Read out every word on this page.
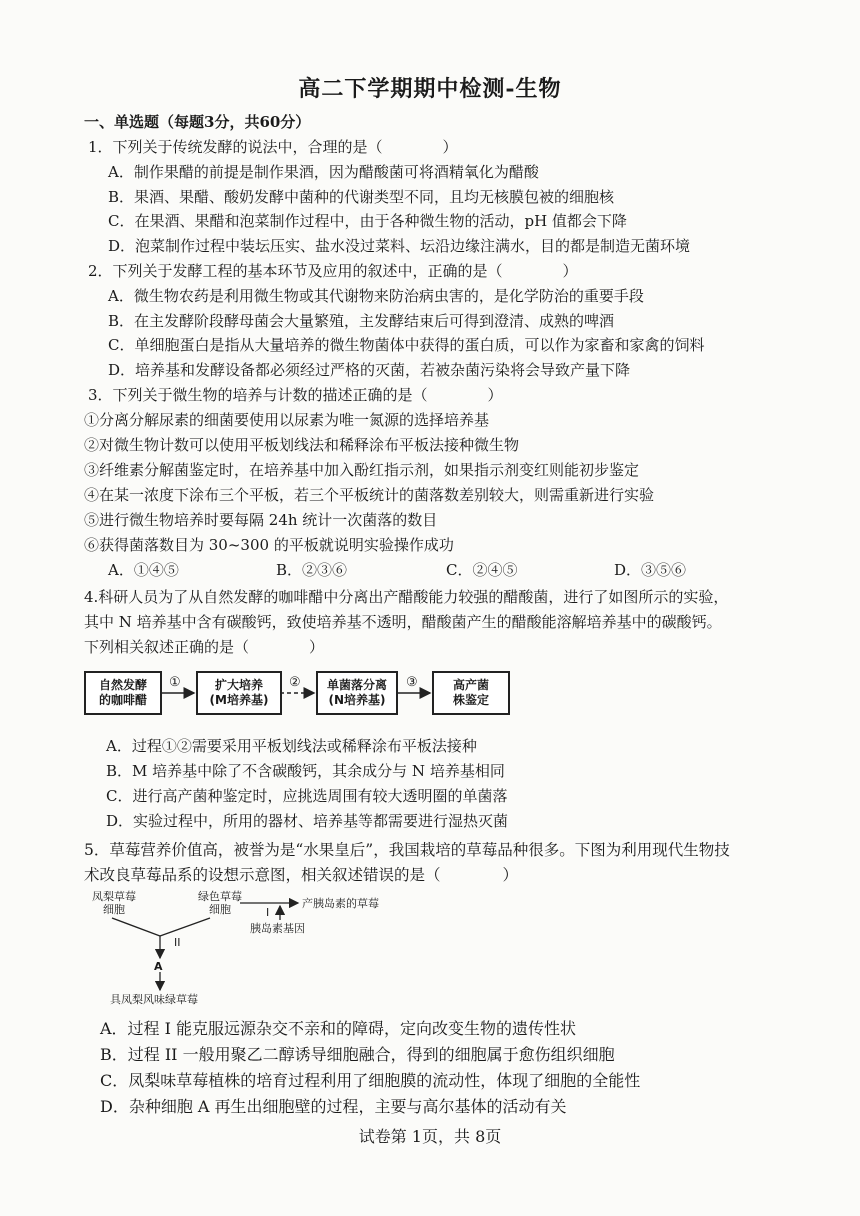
高二下学期期中检测-生物
一、单选题（每题3分，共60分）
1．下列关于传统发酵的说法中，合理的是（　　　　）
A．制作果醋的前提是制作果酒，因为醋酸菌可将酒精氧化为醋酸
B．果酒、果醋、酸奶发酵中菌种的代谢类型不同，且均无核膜包被的细胞核
C．在果酒、果醋和泡菜制作过程中，由于各种微生物的活动，pH 值都会下降
D．泡菜制作过程中装坛压实、盐水没过菜料、坛沿边缘注满水，目的都是制造无菌环境
2．下列关于发酵工程的基本环节及应用的叙述中，正确的是（　　　　）
A．微生物农药是利用微生物或其代谢物来防治病虫害的，是化学防治的重要手段
B．在主发酵阶段酵母菌会大量繁殖，主发酵结束后可得到澄清、成熟的啤酒
C．单细胞蛋白是指从大量培养的微生物菌体中获得的蛋白质，可以作为家畜和家禽的饲料
D．培养基和发酵设备都必须经过严格的灭菌，若被杂菌污染将会导致产量下降
3．下列关于微生物的培养与计数的描述正确的是（　　　　）
①分离分解尿素的细菌要使用以尿素为唯一氮源的选择培养基
②对微生物计数可以使用平板划线法和稀释涂布平板法接种微生物
③纤维素分解菌鉴定时，在培养基中加入酚红指示剂，如果指示剂变红则能初步鉴定
④在某一浓度下涂布三个平板，若三个平板统计的菌落数差别较大，则需重新进行实验
⑤进行微生物培养时要每隔 24h 统计一次菌落的数目
⑥获得菌落数目为 30~300 的平板就说明实验操作成功
A．①④⑤	B．②③⑥	C．②④⑤	D．③⑤⑥
4.科研人员为了从自然发酵的咖啡醋中分离出产醋酸能力较强的醋酸菌，进行了如图所示的实验，
其中 N 培养基中含有碳酸钙，致使培养基不透明，醋酸菌产生的醋酸能溶解培养基中的碳酸钙。
下列相关叙述正确的是（　　　　）
自然发酵
的咖啡醋
扩大培养
(M培养基)
单菌落分离
(N培养基)
高产菌
株鉴定
①	②	③
A．过程①②需要采用平板划线法或稀释涂布平板法接种
B．M 培养基中除了不含碳酸钙，其余成分与 N 培养基相同
C．进行高产菌种鉴定时，应挑选周围有较大透明圈的单菌落
D．实验过程中，所用的器材、培养基等都需要进行湿热灭菌
5．草莓营养价值高，被誉为是“水果皇后”，我国栽培的草莓品种很多。下图为利用现代生物技
术改良草莓品系的设想示意图，相关叙述错误的是（　　　　）
凤梨草莓
细胞
绿色草莓
细胞	产胰岛素的草莓
I
胰岛素基因
II
A
具凤梨风味绿草莓
A．过程 I 能克服远源杂交不亲和的障碍，定向改变生物的遗传性状
B．过程 II 一般用聚乙二醇诱导细胞融合，得到的细胞属于愈伤组织细胞
C．凤梨味草莓植株的培育过程利用了细胞膜的流动性，体现了细胞的全能性
D．杂种细胞 A 再生出细胞壁的过程，主要与高尔基体的活动有关
试卷第 1页，共 8页
